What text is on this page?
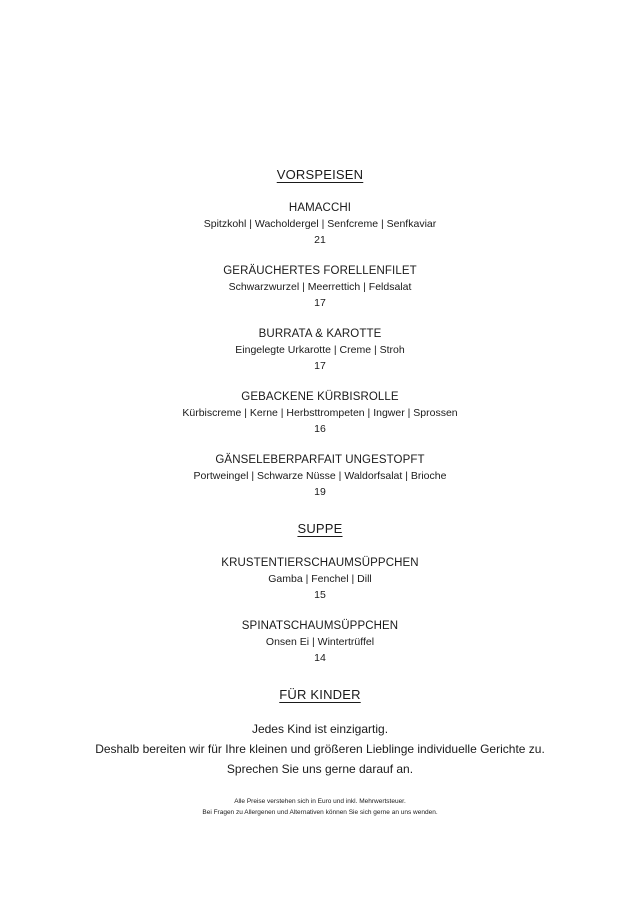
VORSPEISEN
HAMACCHI
Spitzkohl | Wacholdergel | Senfcreme | Senfkaviar
21
GERÄUCHERTES FORELLENFILET
Schwarzwurzel | Meerrettich | Feldsalat
17
BURRATA & KAROTTE
Eingelegte Urkarotte | Creme | Stroh
17
GEBACKENE KÜRBISROLLE
Kürbiscreme | Kerne | Herbsttrompeten | Ingwer | Sprossen
16
GÄNSELEBERPARFAIT UNGESTOPFT
Portweingel | Schwarze Nüsse | Waldorfsalat | Brioche
19
SUPPE
KRUSTENTIERSCHAUMSÜPPCHEN
Gamba | Fenchel | Dill
15
SPINATSCHAUMSÜPPCHEN
Onsen Ei | Wintertrüffel
14
FÜR KINDER
Jedes Kind ist einzigartig.
Deshalb bereiten wir für Ihre kleinen und größeren Lieblinge individuelle Gerichte zu.
Sprechen Sie uns gerne darauf an.
Alle Preise verstehen sich in Euro und inkl. Mehrwertsteuer.
Bei Fragen zu Allergenen und Alternativen können Sie sich gerne an uns wenden.
